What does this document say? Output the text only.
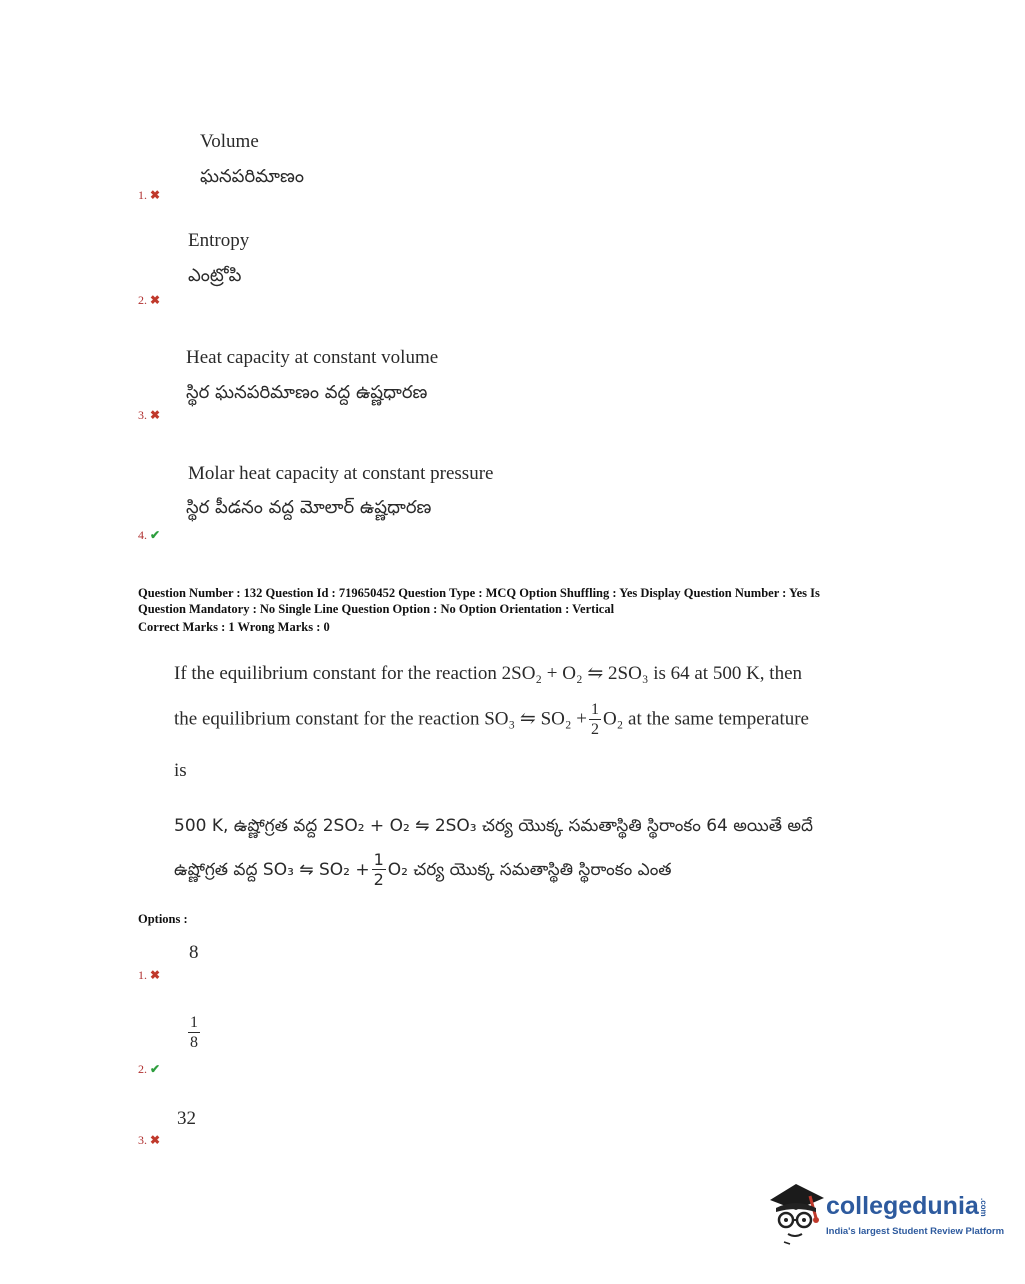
Volume
ఘనపరిమాణం
1. ✖
Entropy
ఎంట్రోపి
2. ✖
Heat capacity at constant volume
స్థిర ఘనపరిమాణం వద్ద ఉష్ణధారణ
3. ✖
Molar heat capacity at constant pressure
స్థిర పీడనం వద్ద మోలార్ ఉష్ణధారణ
4. ✔
Question Number : 132 Question Id : 719650452 Question Type : MCQ Option Shuffling : Yes Display Question Number : Yes Is
Question Mandatory : No Single Line Question Option : No Option Orientation : Vertical
Correct Marks : 1 Wrong Marks : 0
If the equilibrium constant for the reaction 2SO₂ + O₂ ⇋ 2SO₃ is 64 at 500 K, then
the equilibrium constant for the reaction SO₃ ⇋ $SO_2 + \frac{1}{2} O_2$ at the same temperature
is
500 K, ఉష్ణోగ్రత వద్ద 2SO₂ + O₂ ⇋ 2SO₃ చర్య యొక్క సమతాస్థితి స్థిరాంకం 64 అయితే అదే
ఉష్ణోగ్రత వద్ద SO₃ ⇋ $SO_2 + \frac{1}{2} O_2$ చర్య యొక్క సమతాస్థితి స్థిరాంకం ఎంత
Options :
8
1. ✖
$\frac{1}{8}$
2. ✔
32
3. ✖
collegedunia.com
India's largest Student Review Platform
